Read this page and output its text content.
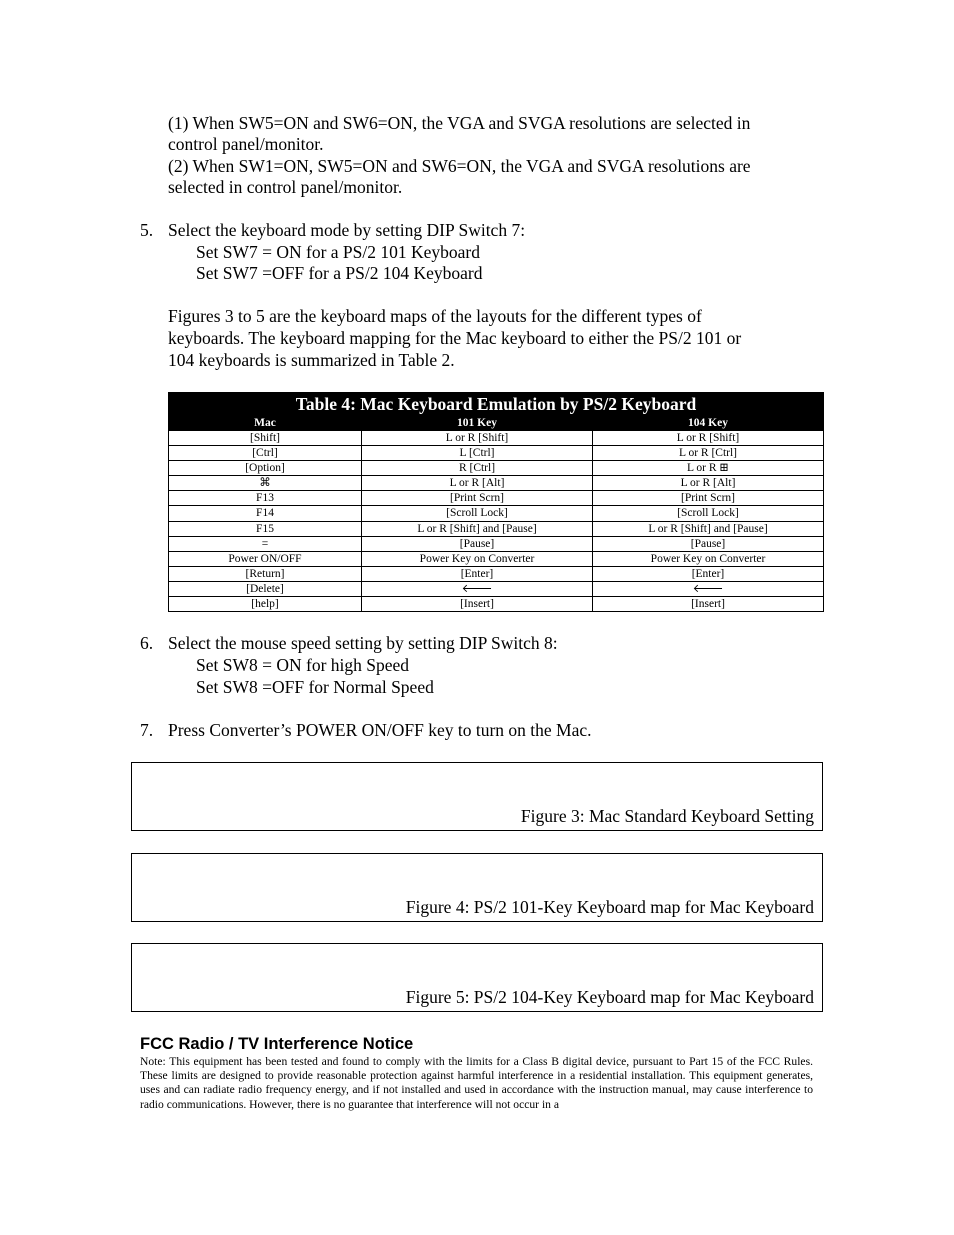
(1) When SW5=ON and SW6=ON, the VGA and SVGA resolutions are selected in

control panel/monitor.

(2) When SW1=ON, SW5=ON and SW6=ON, the VGA and SVGA resolutions are

selected in control panel/monitor.

5. Select the keyboard mode by setting DIP Switch 7:

Set SW7 = ON for a PS/2 101 Keyboard

Set SW7 =OFF for a PS/2 104 Keyboard

Figures 3 to 5 are the keyboard maps of the layouts for the different types of

keyboards. The keyboard mapping for the Mac keyboard to either the PS/2 101 or

104 keyboards is summarized in Table 2.

Table 4: Mac Keyboard Emulation by PS/2 Keyboard		
Mac	101 Key	104 Key
[Shift]	L or R [Shift]	L or R [Shift]
[Ctrl]	L [Ctrl]	L or R [Ctrl]
[Option]	R [Ctrl]	L or R ⊞
⌘	L or R [Alt]	L or R [Alt]
F13	[Print Scrn]	[Print Scrn]
F14	[Scroll Lock]	[Scroll Lock]
F15	L or R [Shift] and [Pause]	L or R [Shift] and [Pause]
=	[Pause]	[Pause]
Power ON/OFF	Power Key on Converter	Power Key on Converter
[Return]	[Enter]	[Enter]
[Delete]	🡐	🡐
[help]	[Insert]	[Insert]
6. Select the mouse speed setting by setting DIP Switch 8:

Set SW8 = ON for high Speed

Set SW8 =OFF for Normal Speed

7. Press Converter’s POWER ON/OFF key to turn on the Mac.

Figure 3: Mac Standard Keyboard Setting
Figure 4: PS/2 101-Key Keyboard map for Mac Keyboard
Figure 5: PS/2 104-Key Keyboard map for Mac Keyboard
FCC Radio / TV Interference Notice

Note: This equipment has been tested and found to comply with the limits for a Class B digital device, pursuant to Part 15 of the FCC Rules. These limits are designed to provide reasonable protection against harmful interference in a residential installation. This equipment generates, uses and can radiate radio frequency energy, and if not installed and used in accordance with the instruction manual, may cause interference to radio communications. However, there is no guarantee that interference will not occur in a
